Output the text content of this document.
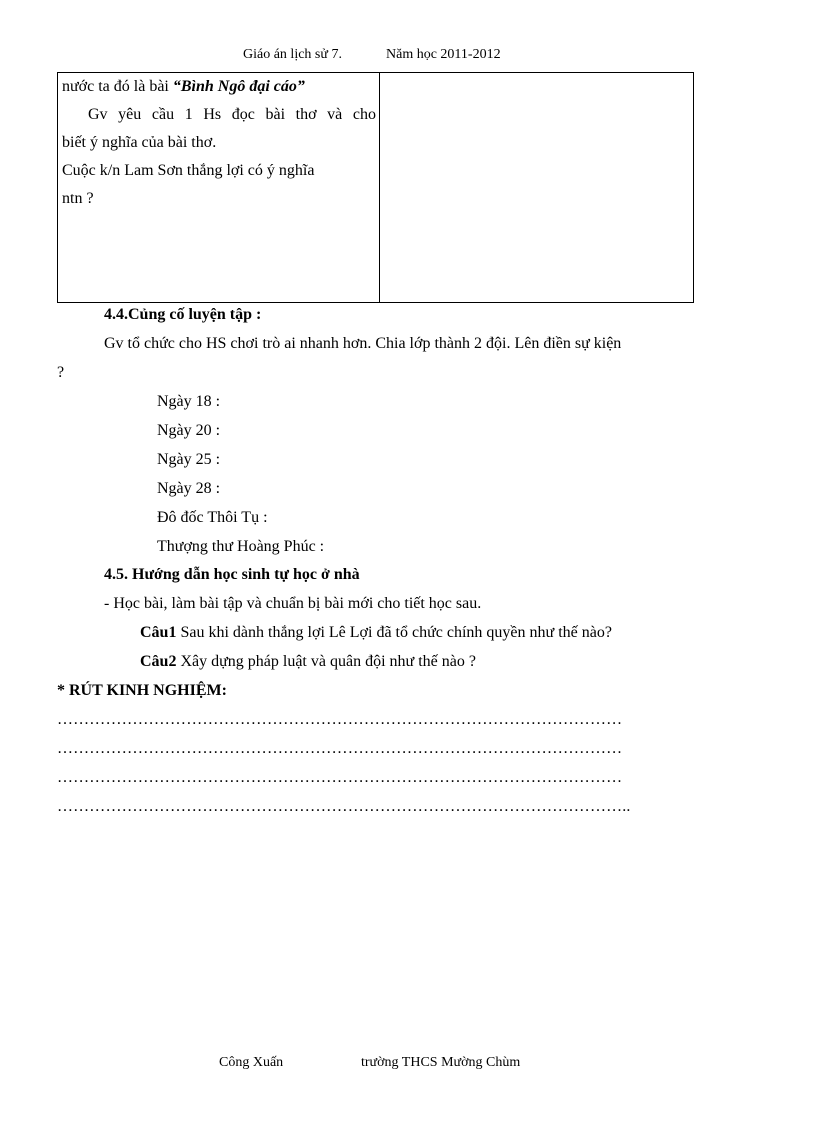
Giáo án lịch sử 7.	Năm học 2011-2012

nước ta đó là bài “Bình Ngô đại cáo”

Gv yêu cầu 1 Hs đọc bài thơ và cho

biết ý nghĩa của bài thơ.

Cuộc k/n Lam Sơn thắng lợi có ý nghĩa

ntn ?

4.4.Củng cố luyện tập :
Gv tổ chức cho HS chơi trò ai nhanh hơn. Chia lớp thành 2 đội. Lên điền sự kiện
?
Ngày 18 :
Ngày 20 :
Ngày 25 :
Ngày 28 :
Đô đốc Thôi Tụ :
Thượng thư Hoàng Phúc :
4.5. Hướng dẫn học sinh tự học ở nhà
- Học bài, làm bài tập và chuẩn bị bài mới cho tiết học sau.
Câu1 Sau khi dành thắng lợi Lê Lợi đã tổ chức chính quyền như thế nào?
Câu2 Xây dựng pháp luật và quân đội như thế nào ?
* RÚT KINH NGHIỆM:
……………………………………………………………………………………………
……………………………………………………………………………………………
……………………………………………………………………………………………
……………………………………………………………………………………………..
Công Xuấn	trường THCS Mường Chùm
